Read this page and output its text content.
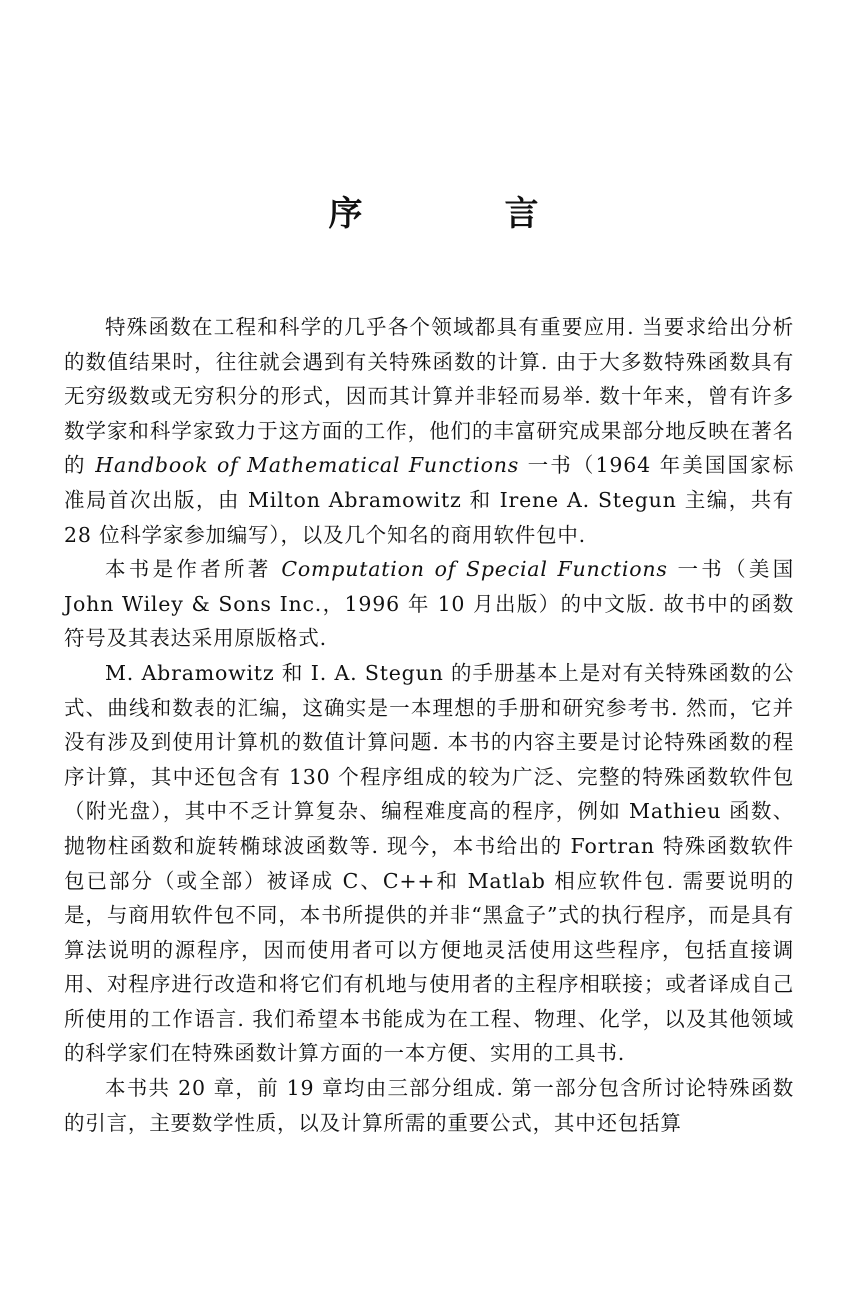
序　言

特殊函数在工程和科学的几乎各个领域都具有重要应用. 当要求给出分析的数值结果时，往往就会遇到有关特殊函数的计算. 由于大多数特殊函数具有无穷级数或无穷积分的形式，因而其计算并非轻而易举. 数十年来，曾有许多数学家和科学家致力于这方面的工作，他们的丰富研究成果部分地反映在著名的 Handbook of Mathematical Functions 一书（1964 年美国国家标准局首次出版，由 Milton Abramowitz 和 Irene A. Stegun 主编，共有 28 位科学家参加编写），以及几个知名的商用软件包中.

本书是作者所著 Computation of Special Functions 一书（美国 John Wiley & Sons Inc.，1996 年 10 月出版）的中文版. 故书中的函数符号及其表达采用原版格式.

M. Abramowitz 和 I. A. Stegun 的手册基本上是对有关特殊函数的公式、曲线和数表的汇编，这确实是一本理想的手册和研究参考书. 然而，它并没有涉及到使用计算机的数值计算问题. 本书的内容主要是讨论特殊函数的程序计算，其中还包含有 130 个程序组成的较为广泛、完整的特殊函数软件包（附光盘），其中不乏计算复杂、编程难度高的程序，例如 Mathieu 函数、抛物柱函数和旋转椭球波函数等. 现今，本书给出的 Fortran 特殊函数软件包已部分（或全部）被译成 C、C++和 Matlab 相应软件包. 需要说明的是，与商用软件包不同，本书所提供的并非“黑盒子”式的执行程序，而是具有算法说明的源程序，因而使用者可以方便地灵活使用这些程序，包括直接调用、对程序进行改造和将它们有机地与使用者的主程序相联接；或者译成自己所使用的工作语言. 我们希望本书能成为在工程、物理、化学，以及其他领域的科学家们在特殊函数计算方面的一本方便、实用的工具书.

本书共 20 章，前 19 章均由三部分组成. 第一部分包含所讨论特殊函数的引言，主要数学性质，以及计算所需的重要公式，其中还包括算
